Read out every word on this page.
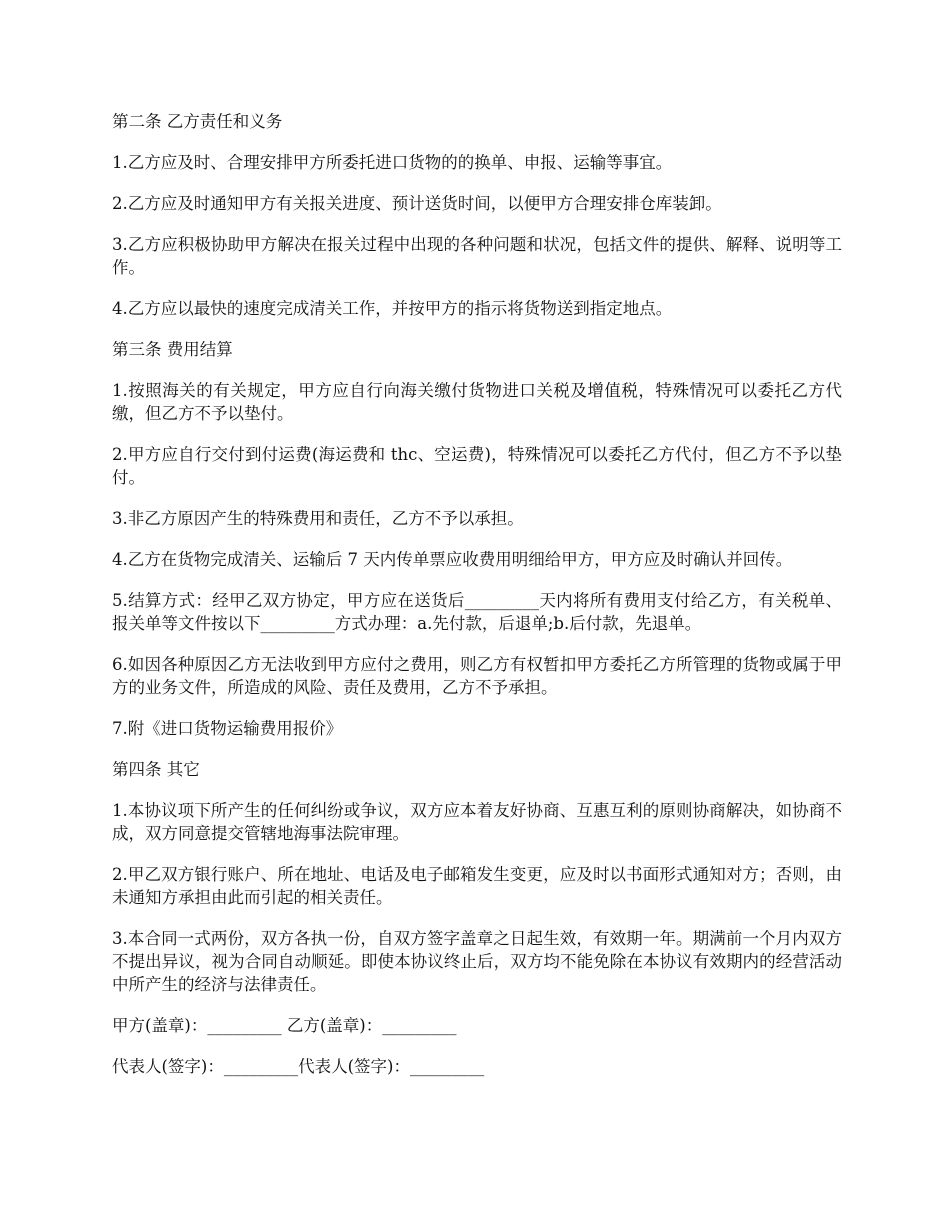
第二条 乙方责任和义务

1.乙方应及时、合理安排甲方所委托进口货物的的换单、申报、运输等事宜。

2.乙方应及时通知甲方有关报关进度、预计送货时间，以便甲方合理安排仓库装卸。

3.乙方应积极协助甲方解决在报关过程中出现的各种问题和状况，包括文件的提供、解释、说明等工作。

4.乙方应以最快的速度完成清关工作，并按甲方的指示将货物送到指定地点。

第三条 费用结算

1.按照海关的有关规定，甲方应自行向海关缴付货物进口关税及增值税，特殊情况可以委托乙方代缴，但乙方不予以垫付。

2.甲方应自行交付到付运费(海运费和 thc、空运费)，特殊情况可以委托乙方代付，但乙方不予以垫付。

3.非乙方原因产生的特殊费用和责任，乙方不予以承担。

4.乙方在货物完成清关、运输后 7 天内传单票应收费用明细给甲方，甲方应及时确认并回传。

5.结算方式：经甲乙双方协定，甲方应在送货后_________天内将所有费用支付给乙方，有关税单、报关单等文件按以下_________方式办理：a.先付款，后退单;b.后付款，先退单。

6.如因各种原因乙方无法收到甲方应付之费用，则乙方有权暂扣甲方委托乙方所管理的货物或属于甲方的业务文件，所造成的风险、责任及费用，乙方不予承担。

7.附《进口货物运输费用报价》

第四条 其它

1.本协议项下所产生的任何纠纷或争议，双方应本着友好协商、互惠互利的原则协商解决，如协商不成，双方同意提交管辖地海事法院审理。

2.甲乙双方银行账户、所在地址、电话及电子邮箱发生变更，应及时以书面形式通知对方；否则，由未通知方承担由此而引起的相关责任。

3.本合同一式两份，双方各执一份，自双方签字盖章之日起生效，有效期一年。期满前一个月内双方不提出异议，视为合同自动顺延。即使本协议终止后，双方均不能免除在本协议有效期内的经营活动中所产生的经济与法律责任。

甲方(盖章)：_________ 乙方(盖章)：_________

代表人(签字)：_________代表人(签字)：_________
